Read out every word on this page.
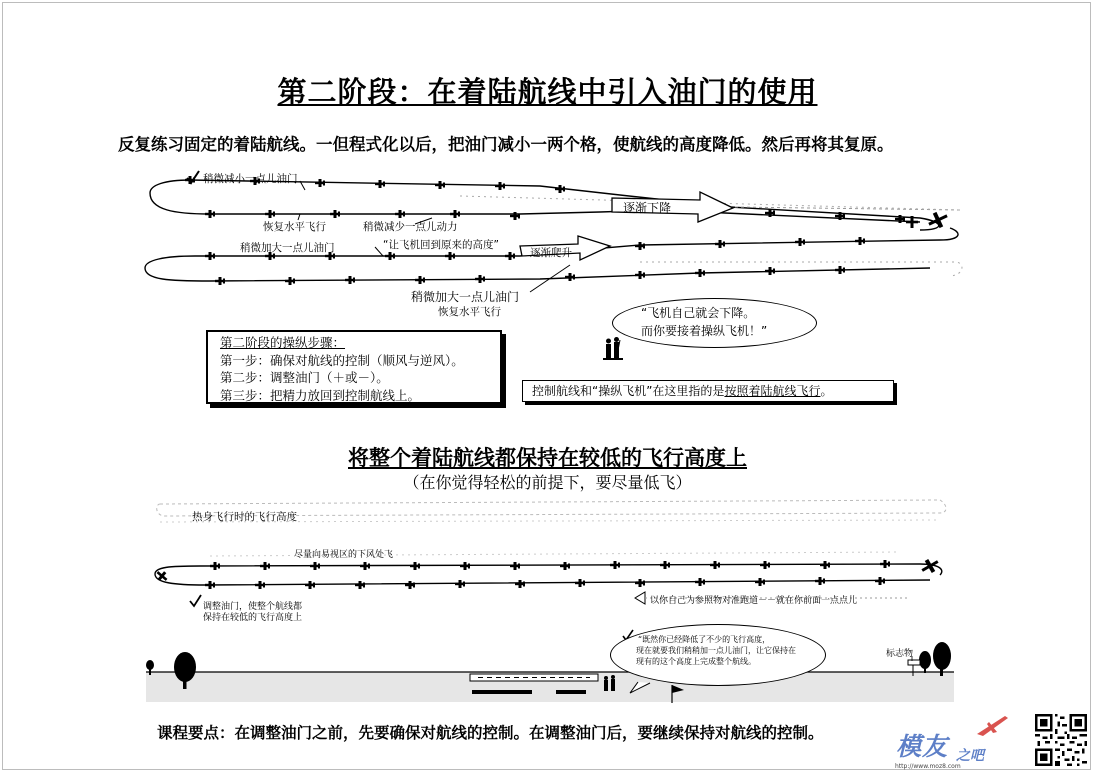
第二阶段：在着陆航线中引入油门的使用
反复练习固定的着陆航线。一但程式化以后，把油门减小一两个格，使航线的高度降低。然后再将其复原。
稍微减小一点儿油门
恢复水平飞行	稍微减少一点儿动力
稍微加大一点儿油门	“让飞机回到原来的高度”
逐渐下降
逐渐爬升
稍微加大一点儿油门
恢复水平飞行	“飞机自己就会下降。
而你要接着操纵飞机！”
第二阶段的操纵步骤：
第一步：确保对航线的控制（顺风与逆风）。
第二步：调整油门（＋或－）。
第三步：把精力放回到控制航线上。	控制航线和“操纵飞机”在这里指的是按照着陆航线飞行。
将整个着陆航线都保持在较低的飞行高度上
（在你觉得轻松的前提下，要尽量低飞）
热身飞行时的飞行高度
尽量向易视区的下风处飞
调整油门，使整个航线都
保持在较低的飞行高度上
以你自己为参照物对准跑道－－就在你前面一点点儿
“既然你已经降低了不少的飞行高度，
现在就要我们稍稍加一点儿油门，让它保持在
现有的这个高度上完成整个航线。
标志物
课程要点：在调整油门之前，先要确保对航线的控制。在调整油门后，要继续保持对航线的控制。	模友 之吧
http://www.moz8.com
